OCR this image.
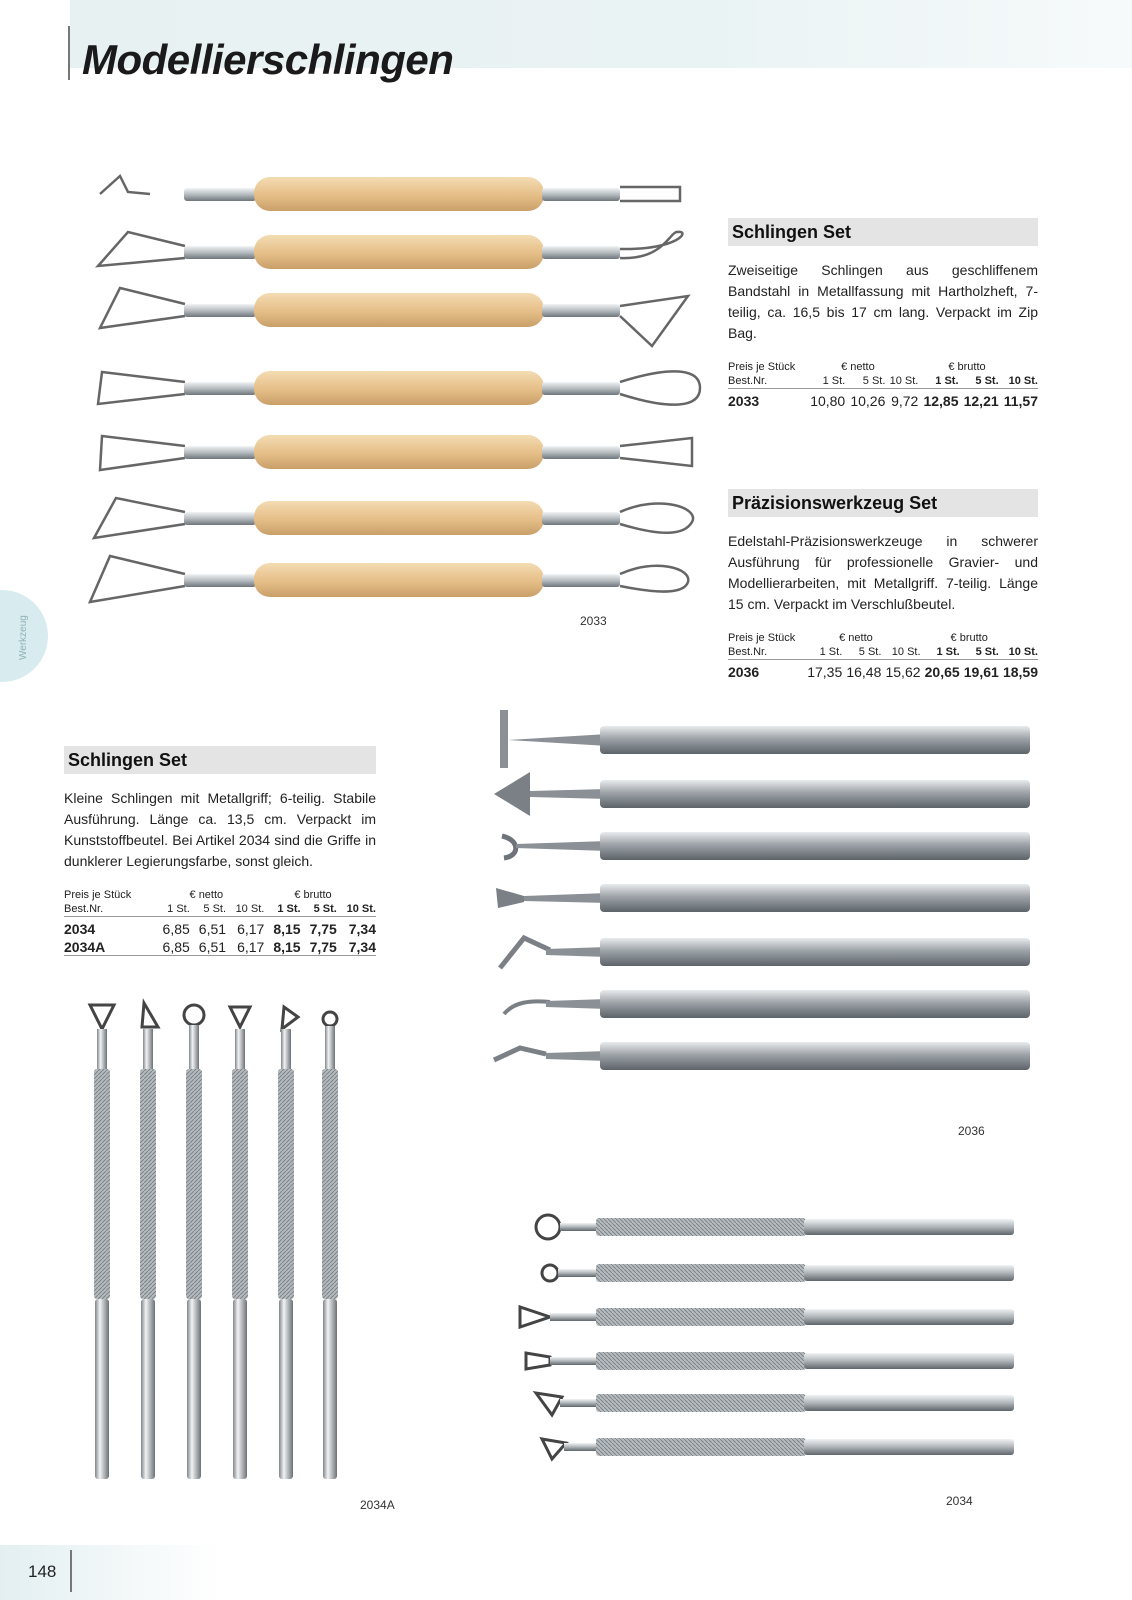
Modellierschlingen
Werkzeug	2033
Schlingen Set

Zweiseitige Schlingen aus geschliffenem Bandstahl in Metallfassung mit Hartholzheft, 7-teilig, ca. 16,5 bis 17 cm lang. Verpackt im Zip Bag.

Preis je Stück	€ netto			€ brutto		
Best.Nr.	1 St.	5 St.	10 St.	1 St.	5 St.	10 St.
2033	10,80	10,26	9,72	12,85	12,21	11,57
Präzisionswerkzeug Set

Edelstahl-Präzisionswerkzeuge in schwerer Ausführung für professionelle Gravier- und Modellierarbeiten, mit Metallgriff. 7-teilig. Länge 15 cm. Verpackt im Verschlußbeutel.

Preis je Stück	€ netto			€ brutto		
Best.Nr.	1 St.	5 St.	10 St.	1 St.	5 St.	10 St.
2036	17,35	16,48	15,62	20,65	19,61	18,59
Schlingen Set

Kleine Schlingen mit Metallgriff; 6-teilig. Stabile Ausführung. Länge ca. 13,5 cm. Verpackt im Kunststoffbeutel. Bei Artikel 2034 sind die Griffe in dunklerer Legierungsfarbe, sonst gleich.

Preis je Stück	€ netto			€ brutto		
Best.Nr.	1 St.	5 St.	10 St.	1 St.	5 St.	10 St.
2034	6,85	6,51	6,17	8,15	7,75	7,34
2034A	6,85	6,51	6,17	8,15	7,75	7,34
2036
2034A	2034
148
